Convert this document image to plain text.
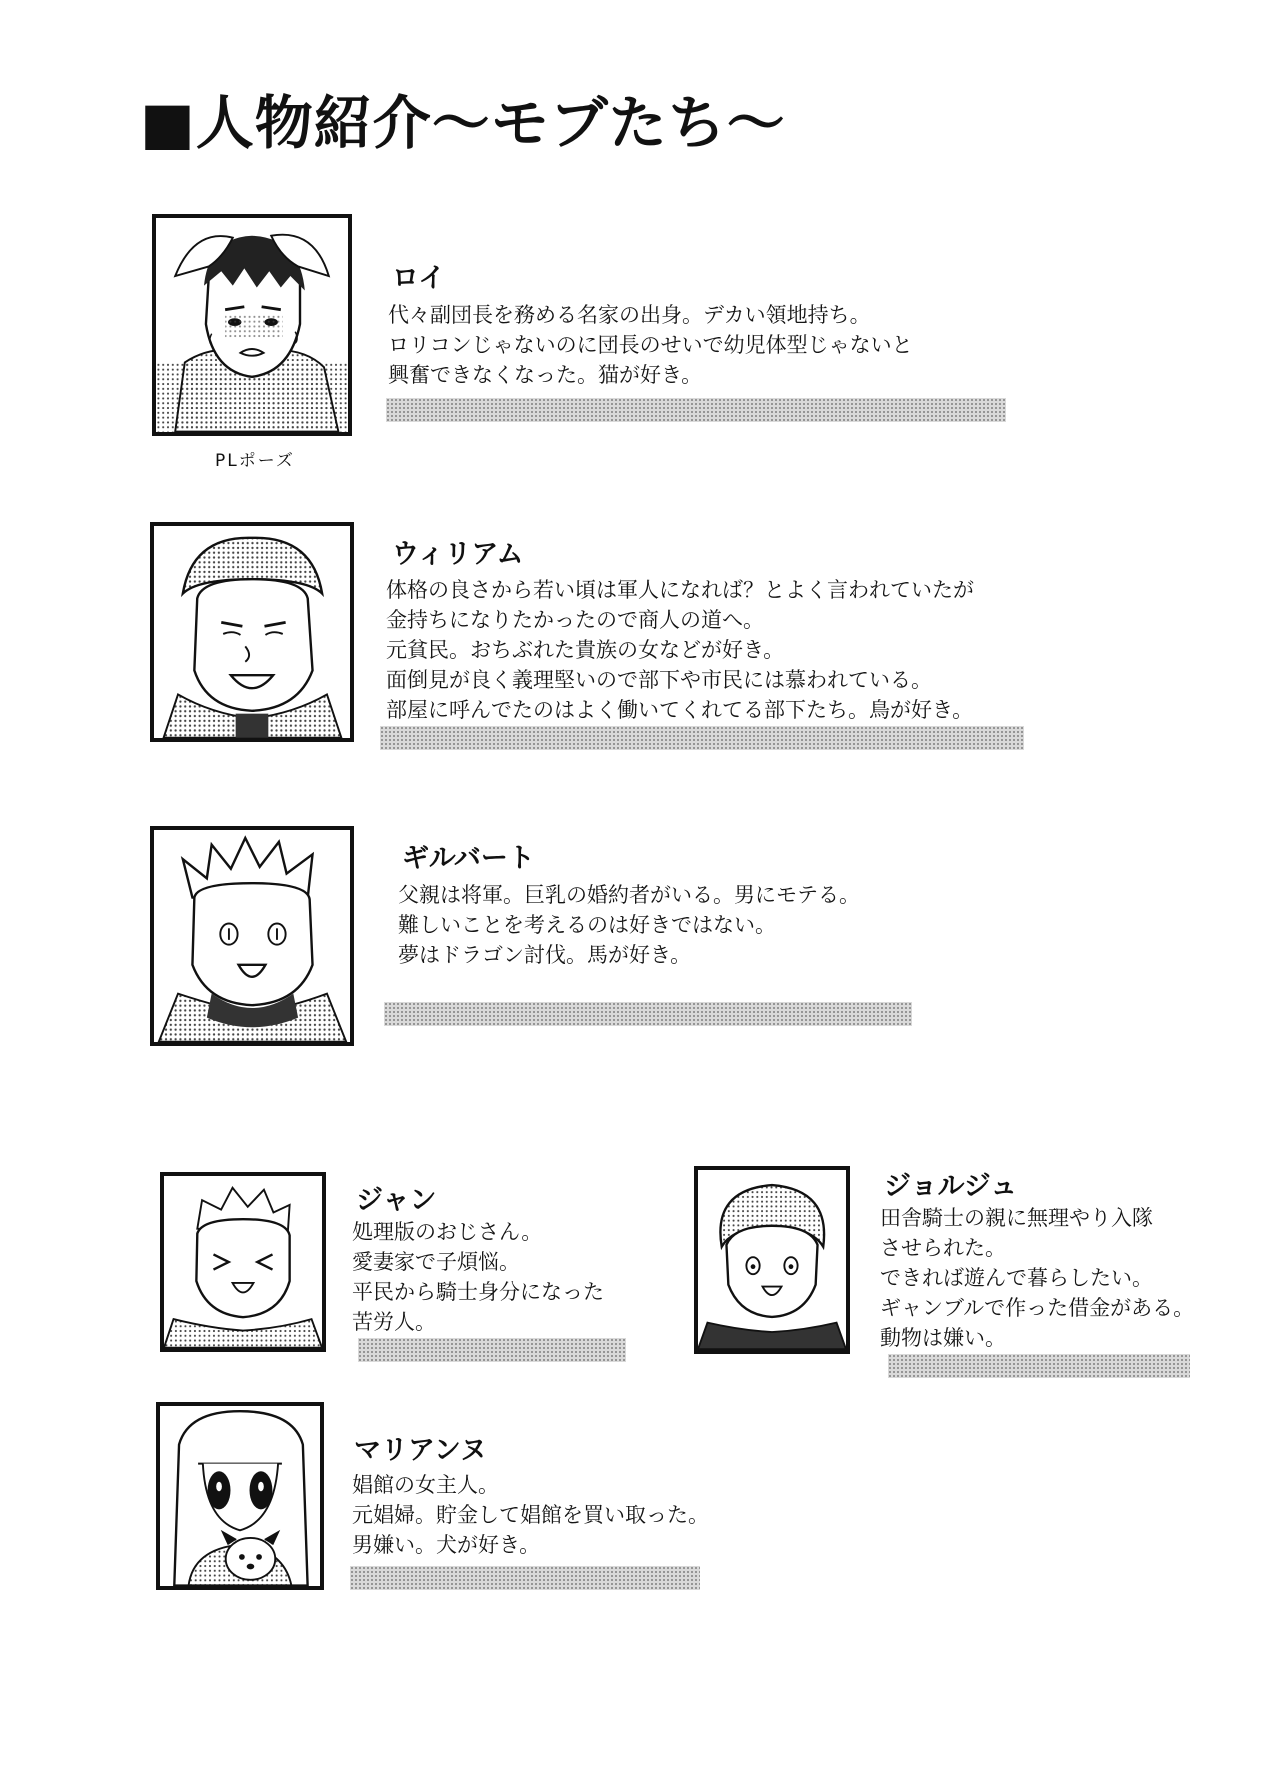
■人物紹介～モブたち～
PLポーズ
ロイ
代々副団長を務める名家の出身。デカい領地持ち。
ロリコンじゃないのに団長のせいで幼児体型じゃないと
興奮できなくなった。猫が好き。
ウィリアム
体格の良さから若い頃は軍人になれば？とよく言われていたが
金持ちになりたかったので商人の道へ。
元貧民。おちぶれた貴族の女などが好き。
面倒見が良く義理堅いので部下や市民には慕われている。
部屋に呼んでたのはよく働いてくれてる部下たち。鳥が好き。
ギルバート
父親は将軍。巨乳の婚約者がいる。男にモテる。
難しいことを考えるのは好きではない。
夢はドラゴン討伐。馬が好き。
ジャン
処理版のおじさん。
愛妻家で子煩悩。
平民から騎士身分になった
苦労人。
ジョルジュ
田舎騎士の親に無理やり入隊
させられた。
できれば遊んで暮らしたい。
ギャンブルで作った借金がある。
動物は嫌い。
マリアンヌ
娼館の女主人。
元娼婦。貯金して娼館を買い取った。
男嫌い。犬が好き。
